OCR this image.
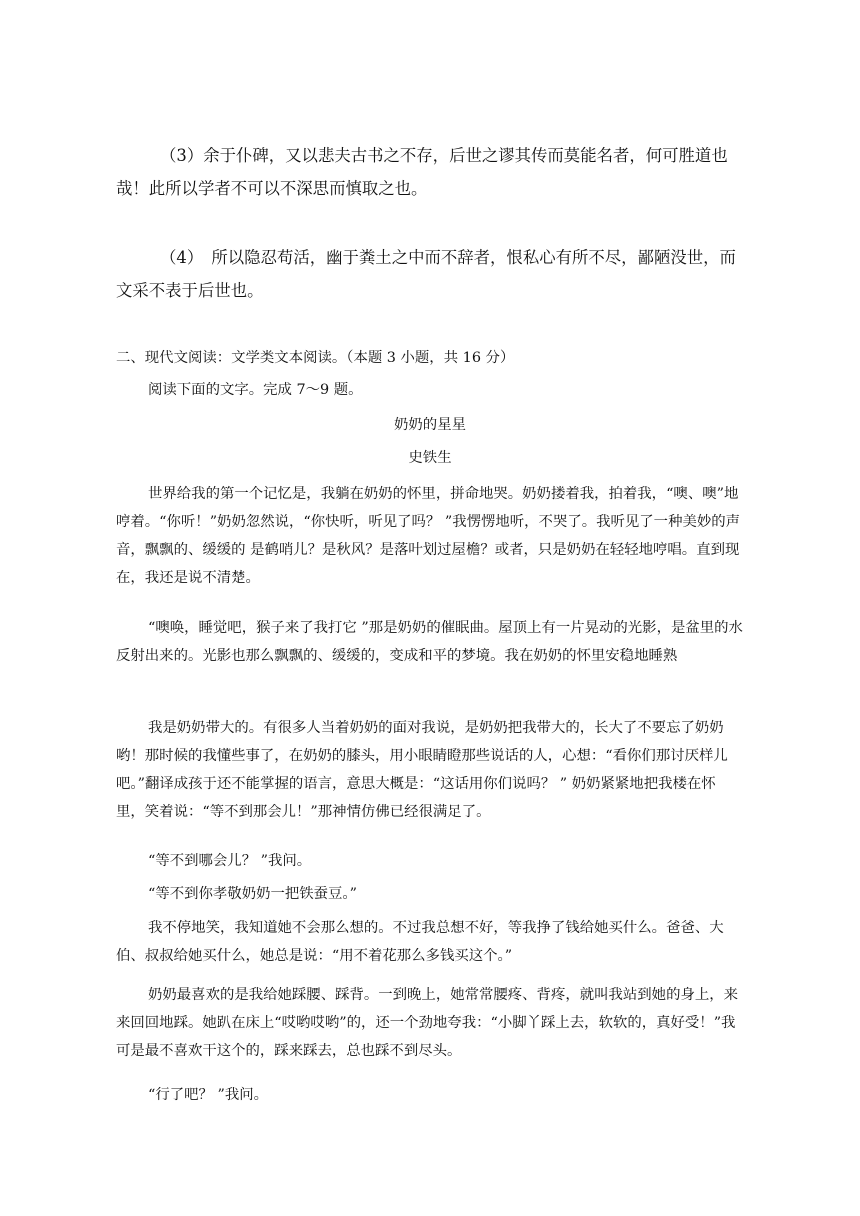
（3）余于仆碑，又以悲夫古书之不存，后世之谬其传而莫能名者，何可胜道也哉！此所以学者不可以不深思而慎取之也。

（4）　所以隐忍苟活，幽于粪土之中而不辞者，恨私心有所不尽，鄙陋没世，而文采不表于后世也。

二、现代文阅读：文学类文本阅读。（本题 3 小题，共 16 分）

阅读下面的文字。完成 7～9 题。

奶奶的星星

史铁生

世界给我的第一个记忆是，我躺在奶奶的怀里，拼命地哭。奶奶搂着我，拍着我，“噢、噢”地哼着。“你听！”奶奶忽然说，“你快听，听见了吗？ ”我愣愣地听，不哭了。我听见了一种美妙的声音，飘飘的、缓缓的 是鹤哨儿？是秋风？是落叶划过屋檐？或者，只是奶奶在轻轻地哼唱。直到现在，我还是说不清楚。

“噢唤，睡觉吧，猴子来了我打它 ”那是奶奶的催眠曲。屋顶上有一片晃动的光影，是盆里的水反射出来的。光影也那么飘飘的、缓缓的，变成和平的梦境。我在奶奶的怀里安稳地睡熟

我是奶奶带大的。有很多人当着奶奶的面对我说，是奶奶把我带大的，长大了不要忘了奶奶哟！那时候的我懂些事了，在奶奶的膝头，用小眼睛瞪那些说话的人，心想：“看你们那讨厌样儿吧。”翻译成孩于还不能掌握的语言，意思大概是：“这话用你们说吗？ ” 奶奶紧紧地把我楼在怀里，笑着说：“等不到那会儿！”那神情仿佛已经很满足了。

“等不到哪会儿？ ”我问。

“等不到你孝敬奶奶一把铁蚕豆。”

我不停地笑，我知道她不会那么想的。不过我总想不好，等我挣了钱给她买什么。爸爸、大伯、叔叔给她买什么，她总是说：“用不着花那么多钱买这个。”

奶奶最喜欢的是我给她踩腰、踩背。一到晚上，她常常腰疼、背疼，就叫我站到她的身上，来来回回地踩。她趴在床上“哎哟哎哟”的，还一个劲地夸我：“小脚丫踩上去，软软的，真好受！”我可是最不喜欢干这个的，踩来踩去，总也踩不到尽头。

“行了吧？ ”我问。
